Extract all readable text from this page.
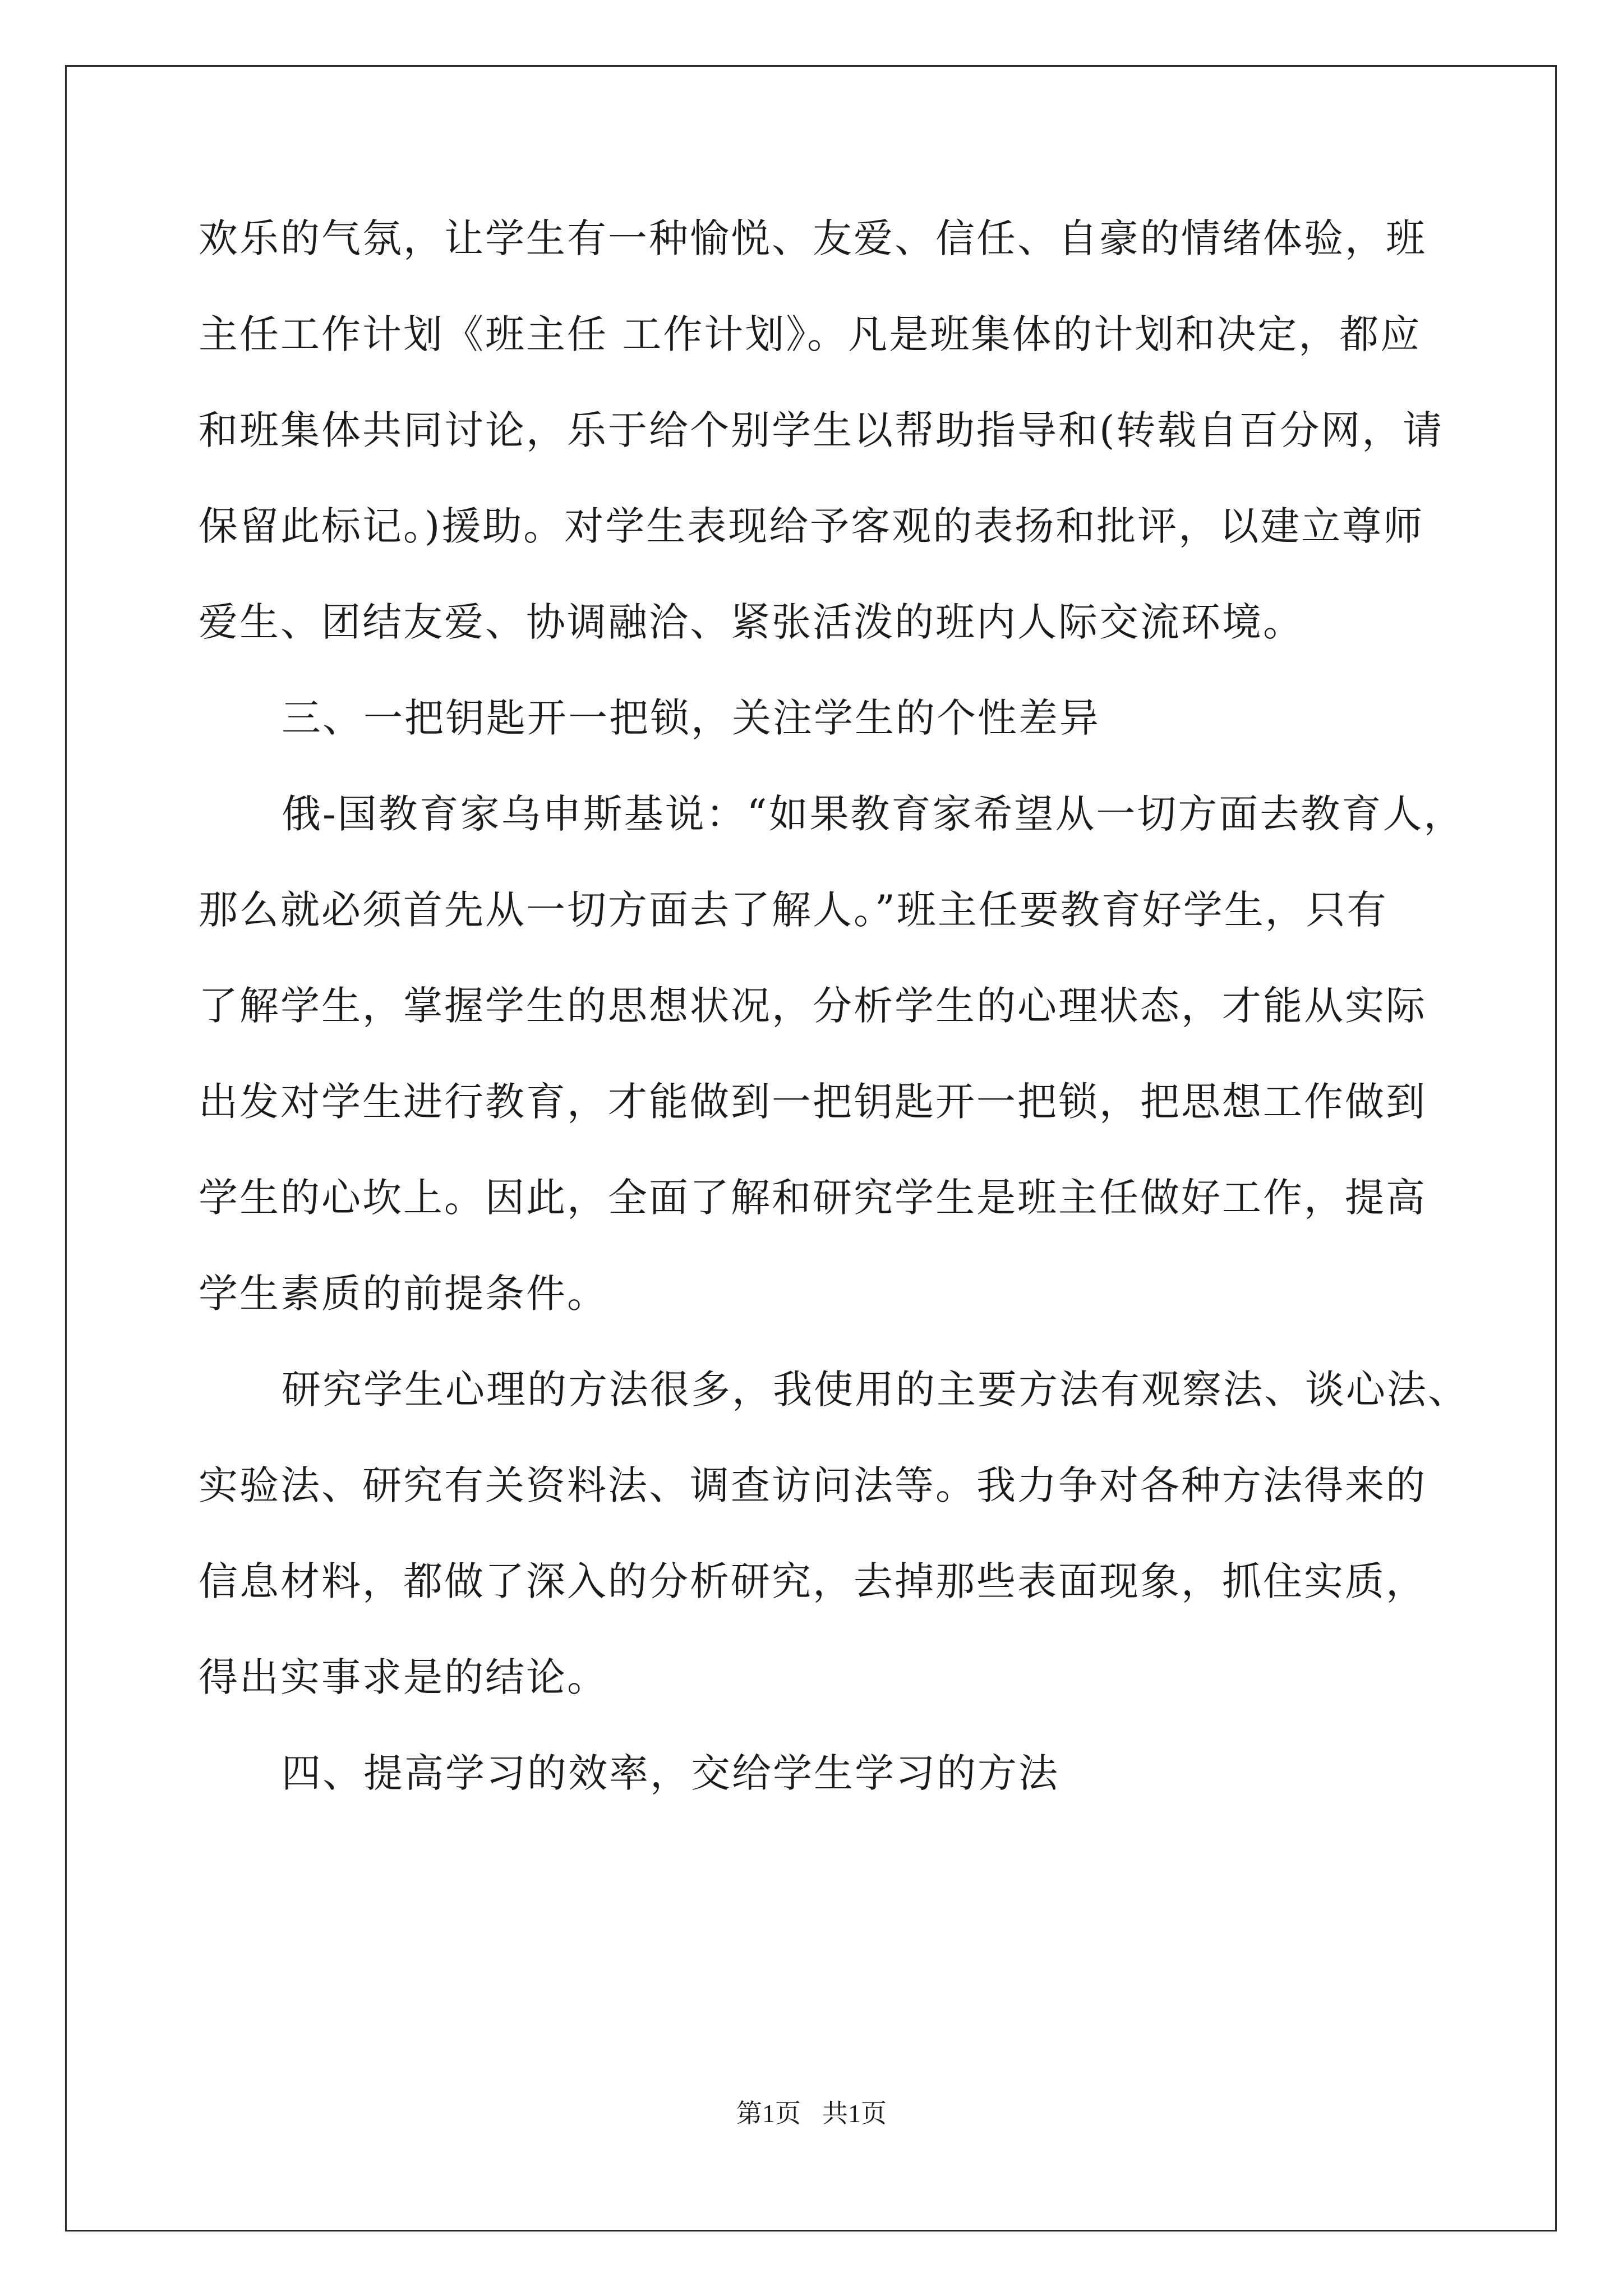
欢乐的气氛，让学生有一种愉悦、友爱、信任、自豪的情绪体验，班
主任工作计划《班主任 工作计划》。凡是班集体的计划和决定，都应
和班集体共同讨论，乐于给个别学生以帮助指导和(转载自百分网，请
保留此标记。)援助。对学生表现给予客观的表扬和批评，以建立尊师
爱生、团结友爱、协调融洽、紧张活泼的班内人际交流环境。
三、一把钥匙开一把锁，关注学生的个性差异
俄-国教育家乌申斯基说：“如果教育家希望从一切方面去教育人，
那么就必须首先从一切方面去了解人。”班主任要教育好学生，只有
了解学生，掌握学生的思想状况，分析学生的心理状态，才能从实际
出发对学生进行教育，才能做到一把钥匙开一把锁，把思想工作做到
学生的心坎上。因此，全面了解和研究学生是班主任做好工作，提高
学生素质的前提条件。
研究学生心理的方法很多，我使用的主要方法有观察法、谈心法、
实验法、研究有关资料法、调查访问法等。我力争对各种方法得来的
信息材料，都做了深入的分析研究，去掉那些表面现象，抓住实质，
得出实事求是的结论。
四、提高学习的效率，交给学生学习的方法
第1页 共1页
